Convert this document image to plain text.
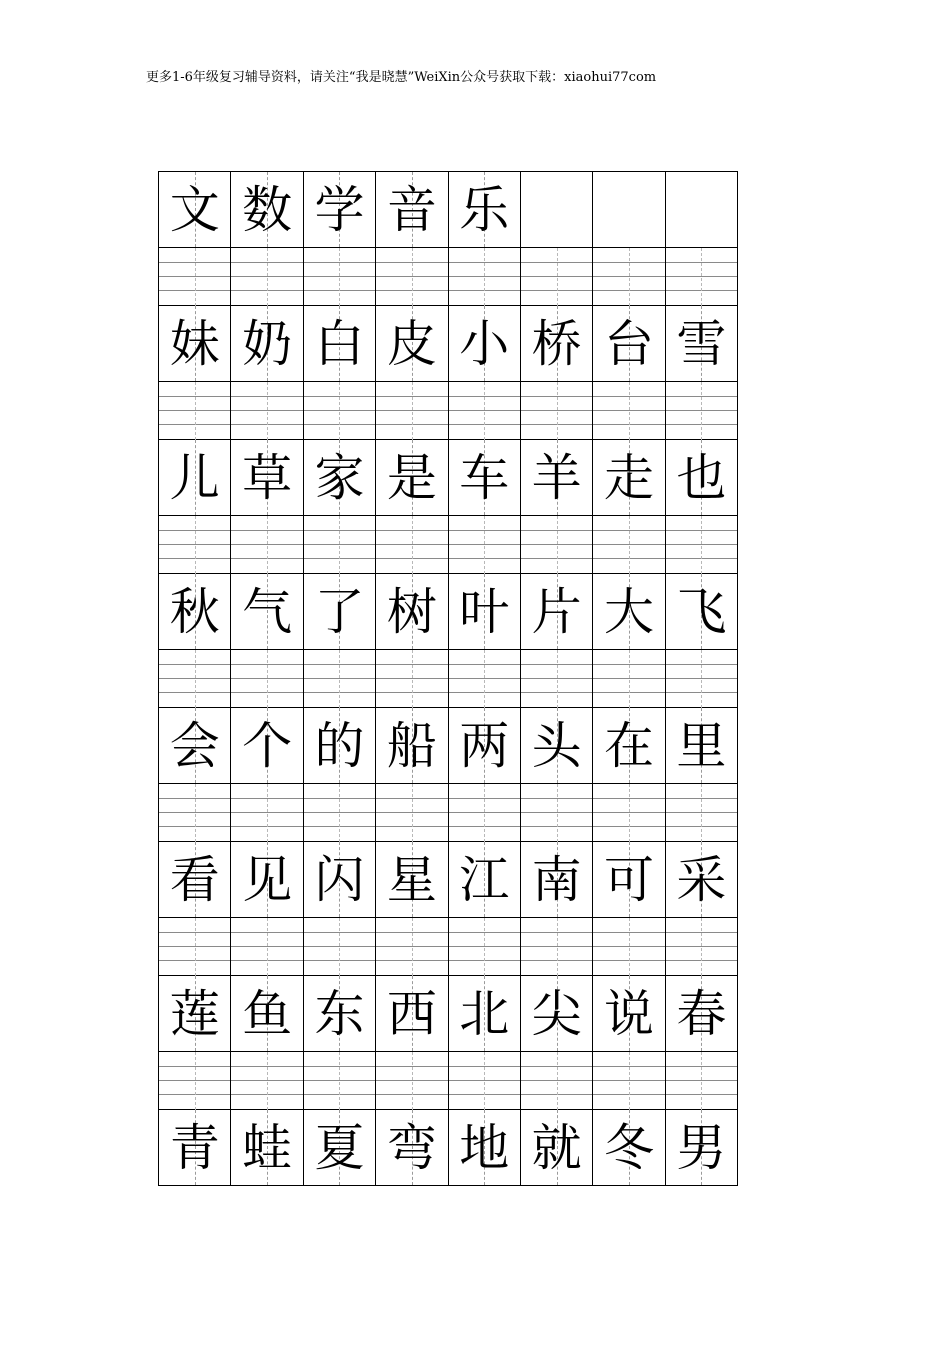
更多1-6年级复习辅导资料，请关注“我是晓慧”WeiXin公众号获取下载：xiaohui77com
文 数 学 音 乐
妹 奶 白 皮 小 桥 台 雪
儿 草 家 是 车 羊 走 也
秋 气 了 树 叶 片 大 飞
会 个 的 船 两 头 在 里
看 见 闪 星 江 南 可 采
莲 鱼 东 西 北 尖 说 春
青 蛙 夏 弯 地 就 冬 男
